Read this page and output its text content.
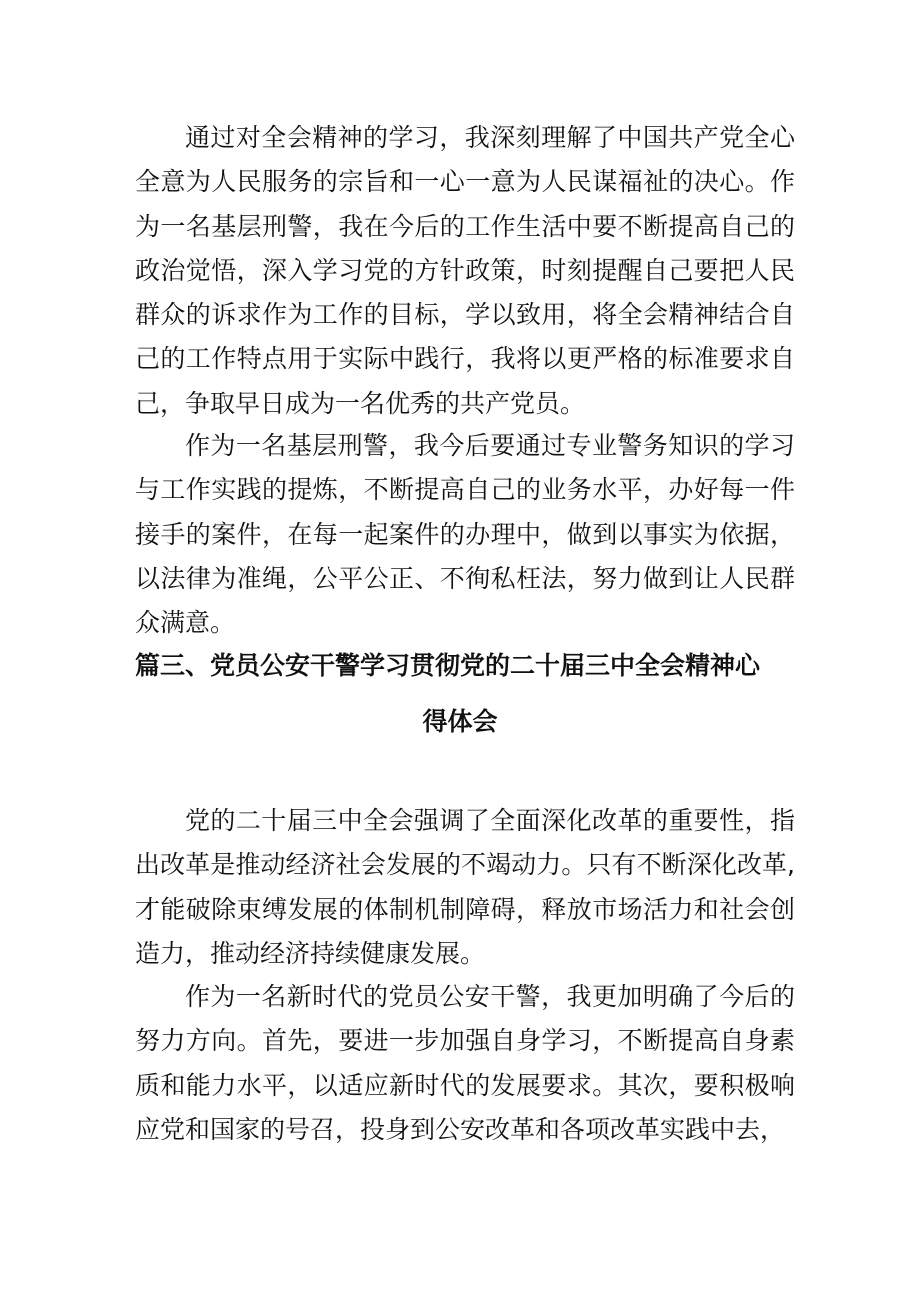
通过对全会精神的学习，我深刻理解了中国共产党全心全意为人民服务的宗旨和一心一意为人民谋福祉的决心。作为一名基层刑警，我在今后的工作生活中要不断提高自己的政治觉悟，深入学习党的方针政策，时刻提醒自己要把人民群众的诉求作为工作的目标，学以致用，将全会精神结合自己的工作特点用于实际中践行，我将以更严格的标准要求自己，争取早日成为一名优秀的共产党员。

作为一名基层刑警，我今后要通过专业警务知识的学习与工作实践的提炼，不断提高自己的业务水平，办好每一件接手的案件，在每一起案件的办理中，做到以事实为依据，以法律为准绳，公平公正、不徇私枉法，努力做到让人民群众满意。

篇三、党员公安干警学习贯彻党的二十届三中全会精神心
得体会

党的二十届三中全会强调了全面深化改革的重要性，指出改革是推动经济社会发展的不竭动力。只有不断深化改革,才能破除束缚发展的体制机制障碍，释放市场活力和社会创造力，推动经济持续健康发展。

作为一名新时代的党员公安干警，我更加明确了今后的努力方向。首先，要进一步加强自身学习，不断提高自身素质和能力水平，以适应新时代的发展要求。其次，要积极响应党和国家的号召，投身到公安改革和各项改革实践中去，
